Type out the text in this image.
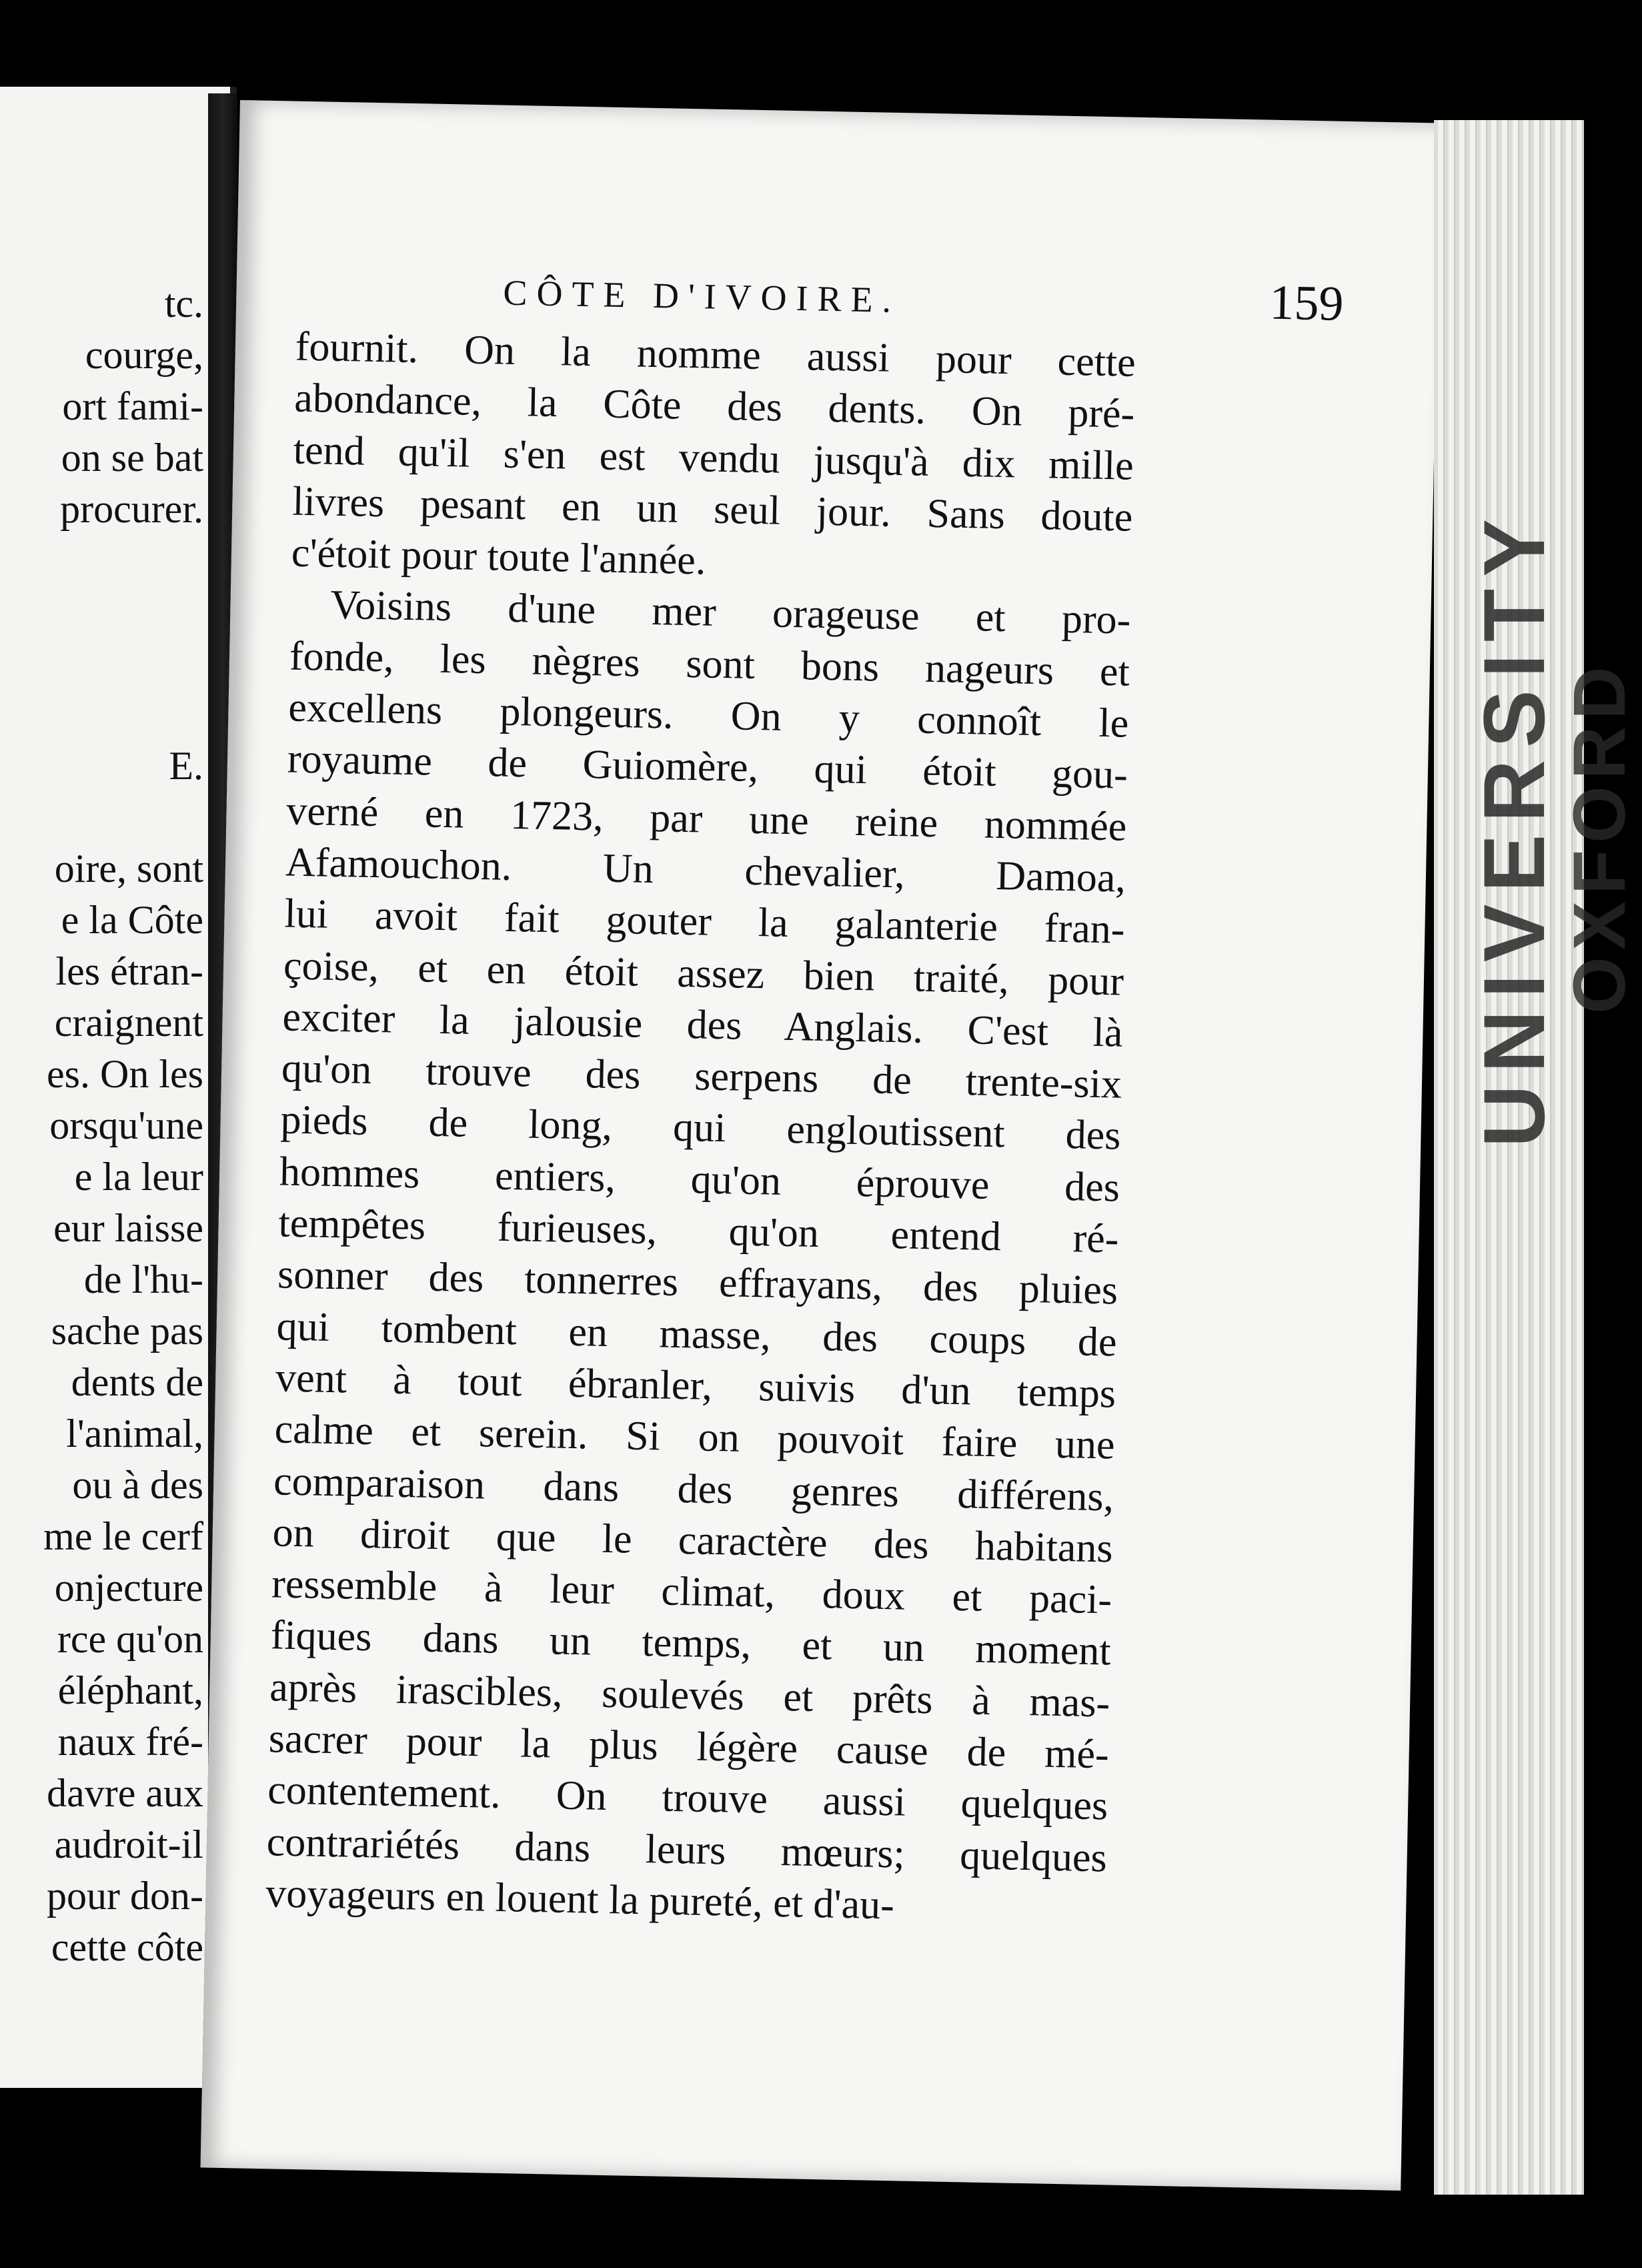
tc.
courge,
ort fami-
on se bat
procurer.
E.
oire, sont
e la Côte
les étran-
craignent
es. On les
orsqu'une
e la leur
eur laisse
de l'hu-
sache pas
dents de
l'animal,
ou à des
me le cerf
onjecture
rce qu'on
éléphant,
naux fré-
davre aux
audroit-il
pour don-
cette côte
CÔTE D'IVOIRE.	159
fournit. On la nomme aussi pour cette
abondance, la Côte des dents. On pré-
tend qu'il s'en est vendu jusqu'à dix mille
livres pesant en un seul jour. Sans doute
c'étoit pour toute l'année.
Voisins d'une mer orageuse et pro-
fonde, les nègres sont bons nageurs et
excellens plongeurs. On y connoît le
royaume de Guiomère, qui étoit gou-
verné en 1723, par une reine nommée
Afamouchon. Un chevalier, Damoa,
lui avoit fait gouter la galanterie fran-
çoise, et en étoit assez bien traité, pour
exciter la jalousie des Anglais. C'est là
qu'on trouve des serpens de trente-six
pieds de long, qui engloutissent des
hommes entiers, qu'on éprouve des
tempêtes furieuses, qu'on entend ré-
sonner des tonnerres effrayans, des pluies
qui tombent en masse, des coups de
vent à tout ébranler, suivis d'un temps
calme et serein. Si on pouvoit faire une
comparaison dans des genres différens,
on diroit que le caractère des habitans
ressemble à leur climat, doux et paci-
fiques dans un temps, et un moment
après irascibles, soulevés et prêts à mas-
sacrer pour la plus légère cause de mé-
contentement. On trouve aussi quelques
contrariétés dans leurs mœurs; quelques
voyageurs en louent la pureté, et d'au-
UNIVERSITY
OXFORD
